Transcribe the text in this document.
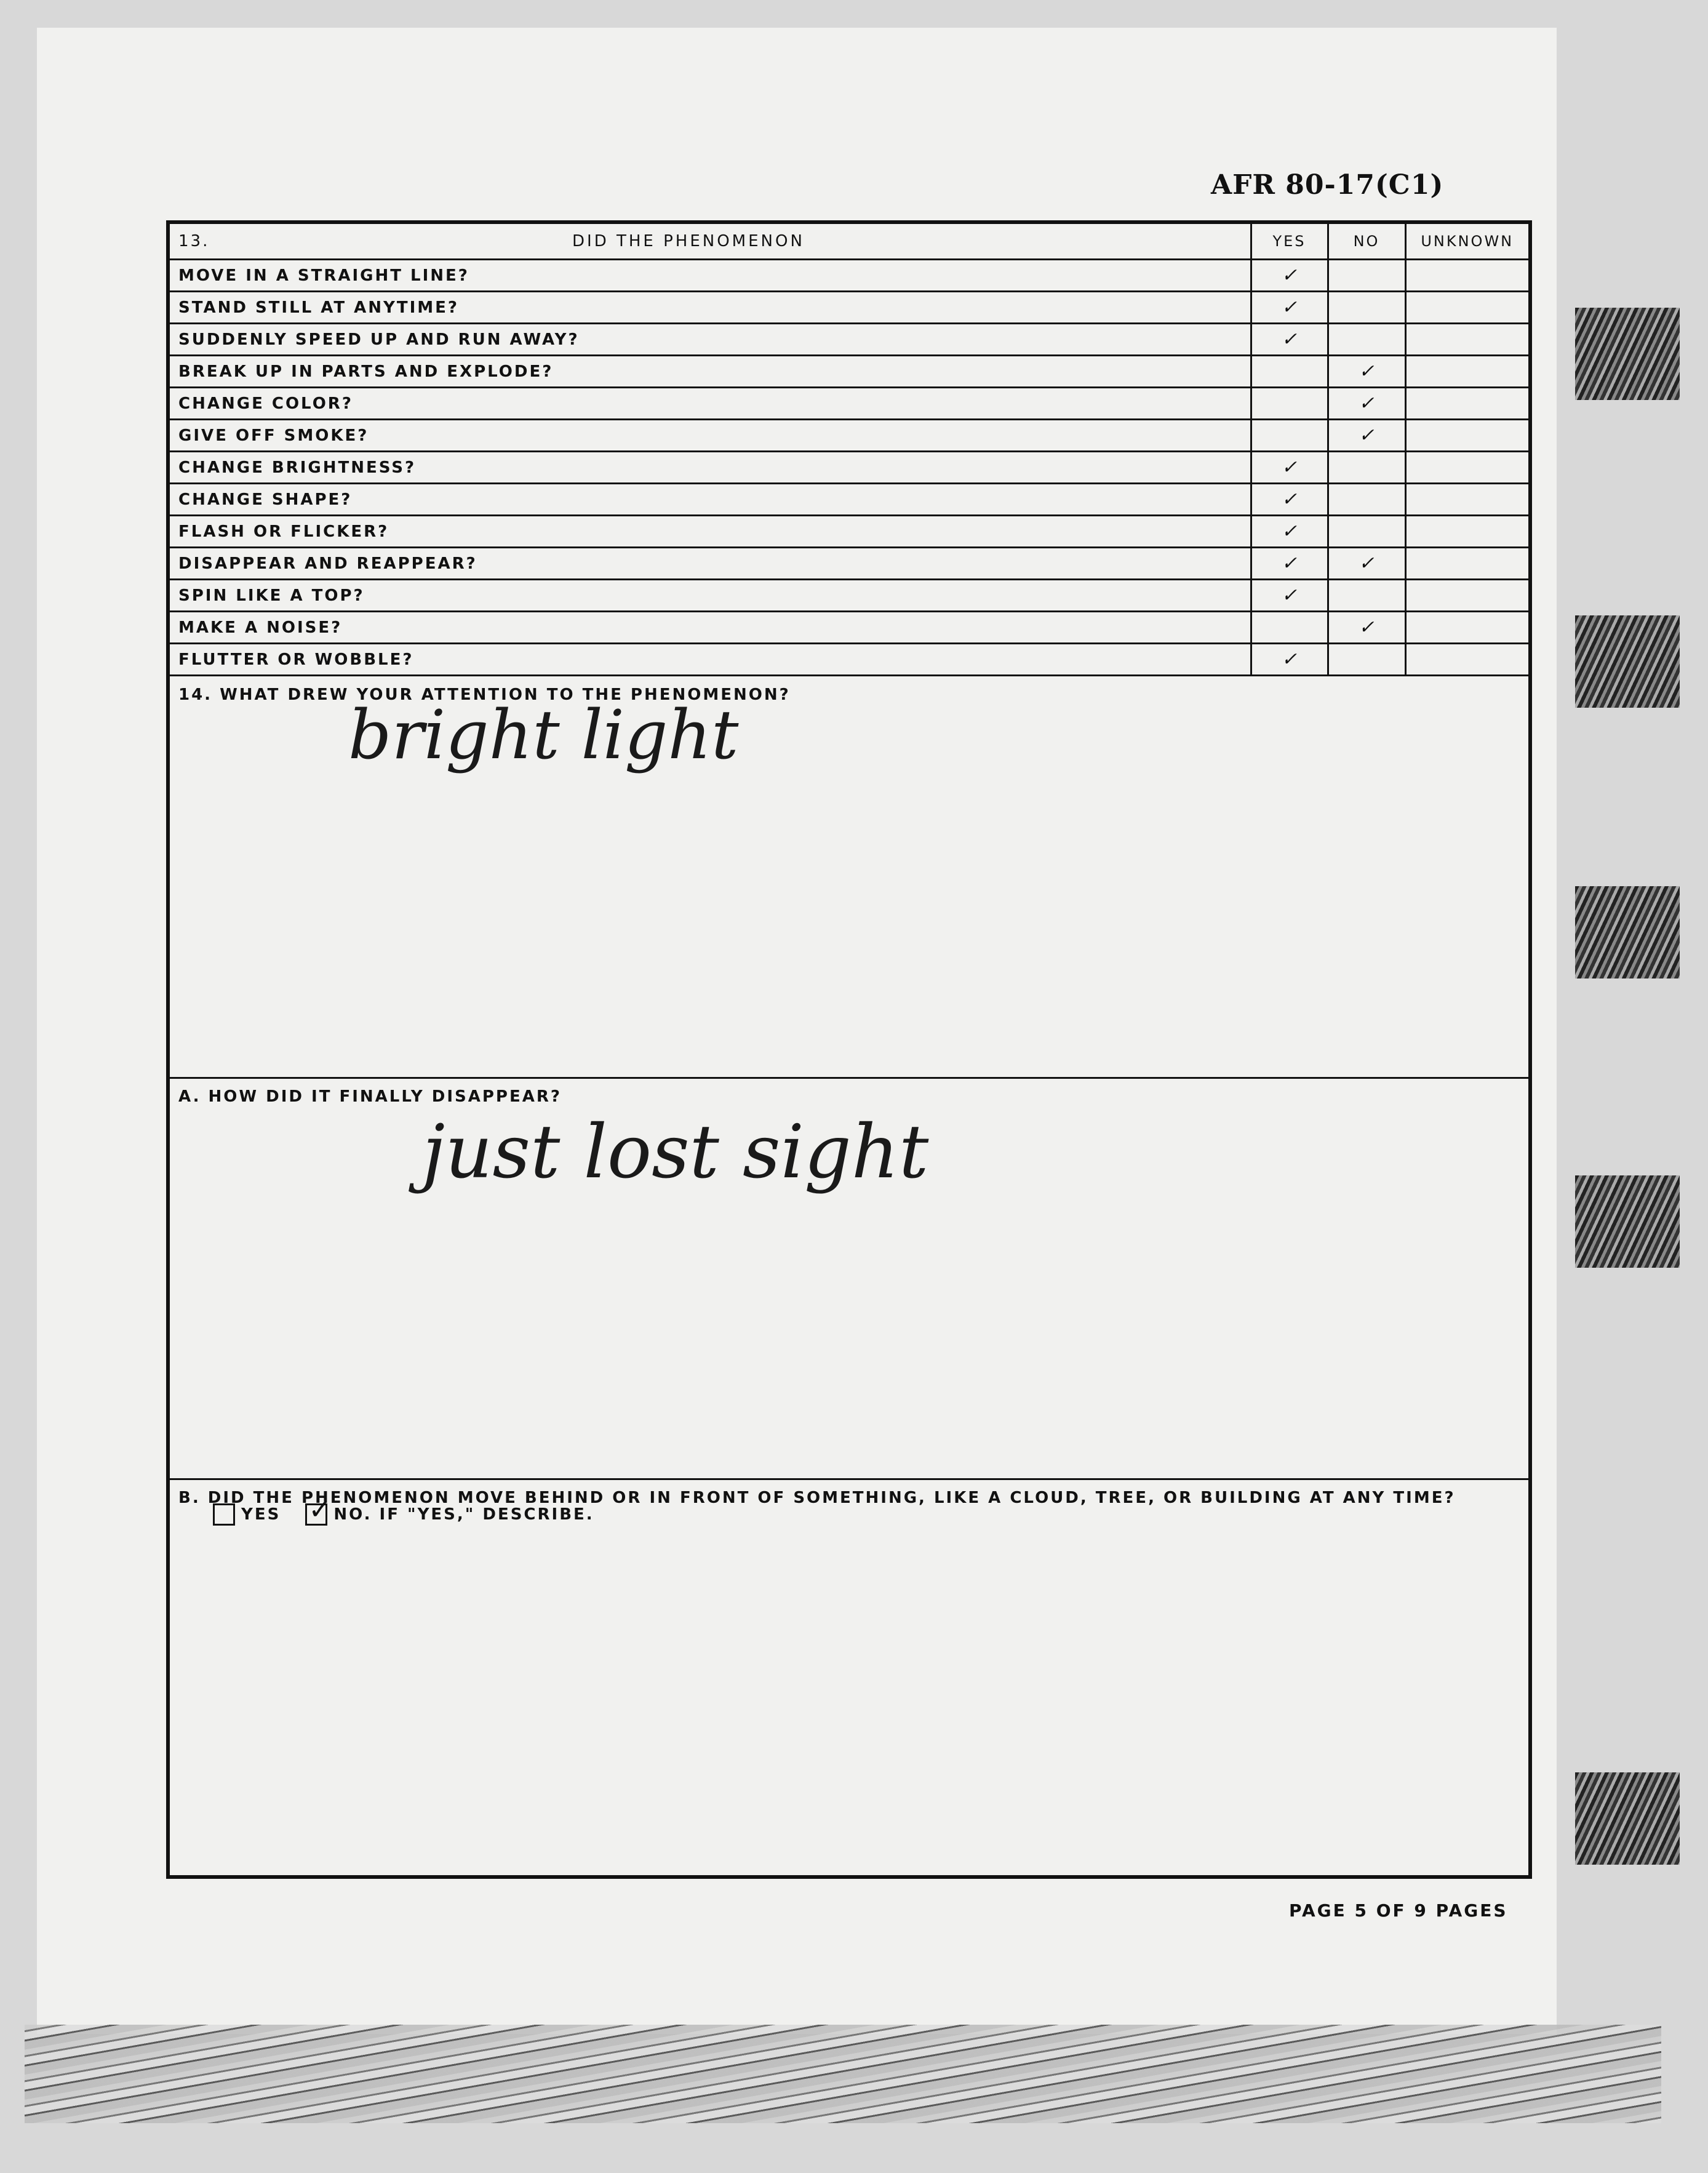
AFR 80-17(C1)
13. DID THE PHENOMENON	YES	NO	UNKNOWN
MOVE IN A STRAIGHT LINE?	✓		
STAND STILL AT ANYTIME?	✓		
SUDDENLY SPEED UP AND RUN AWAY?	✓		
BREAK UP IN PARTS AND EXPLODE?		✓	
CHANGE COLOR?		✓	
GIVE OFF SMOKE?		✓	
CHANGE BRIGHTNESS?	✓		
CHANGE SHAPE?	✓		
FLASH OR FLICKER?	✓		
DISAPPEAR AND REAPPEAR?	✓	✓	
SPIN LIKE A TOP?	✓		
MAKE A NOISE?		✓	
FLUTTER OR WOBBLE?	✓		
14. WHAT DREW YOUR ATTENTION TO THE PHENOMENON?
bright light
A. HOW DID IT FINALLY DISAPPEAR?
just lost sight
B. DID THE PHENOMENON MOVE BEHIND OR IN FRONT OF SOMETHING, LIKE A CLOUD, TREE, OR BUILDING AT ANY TIME?
YES ✓	NO. IF "YES," DESCRIBE.
PAGE 5 OF 9 PAGES
